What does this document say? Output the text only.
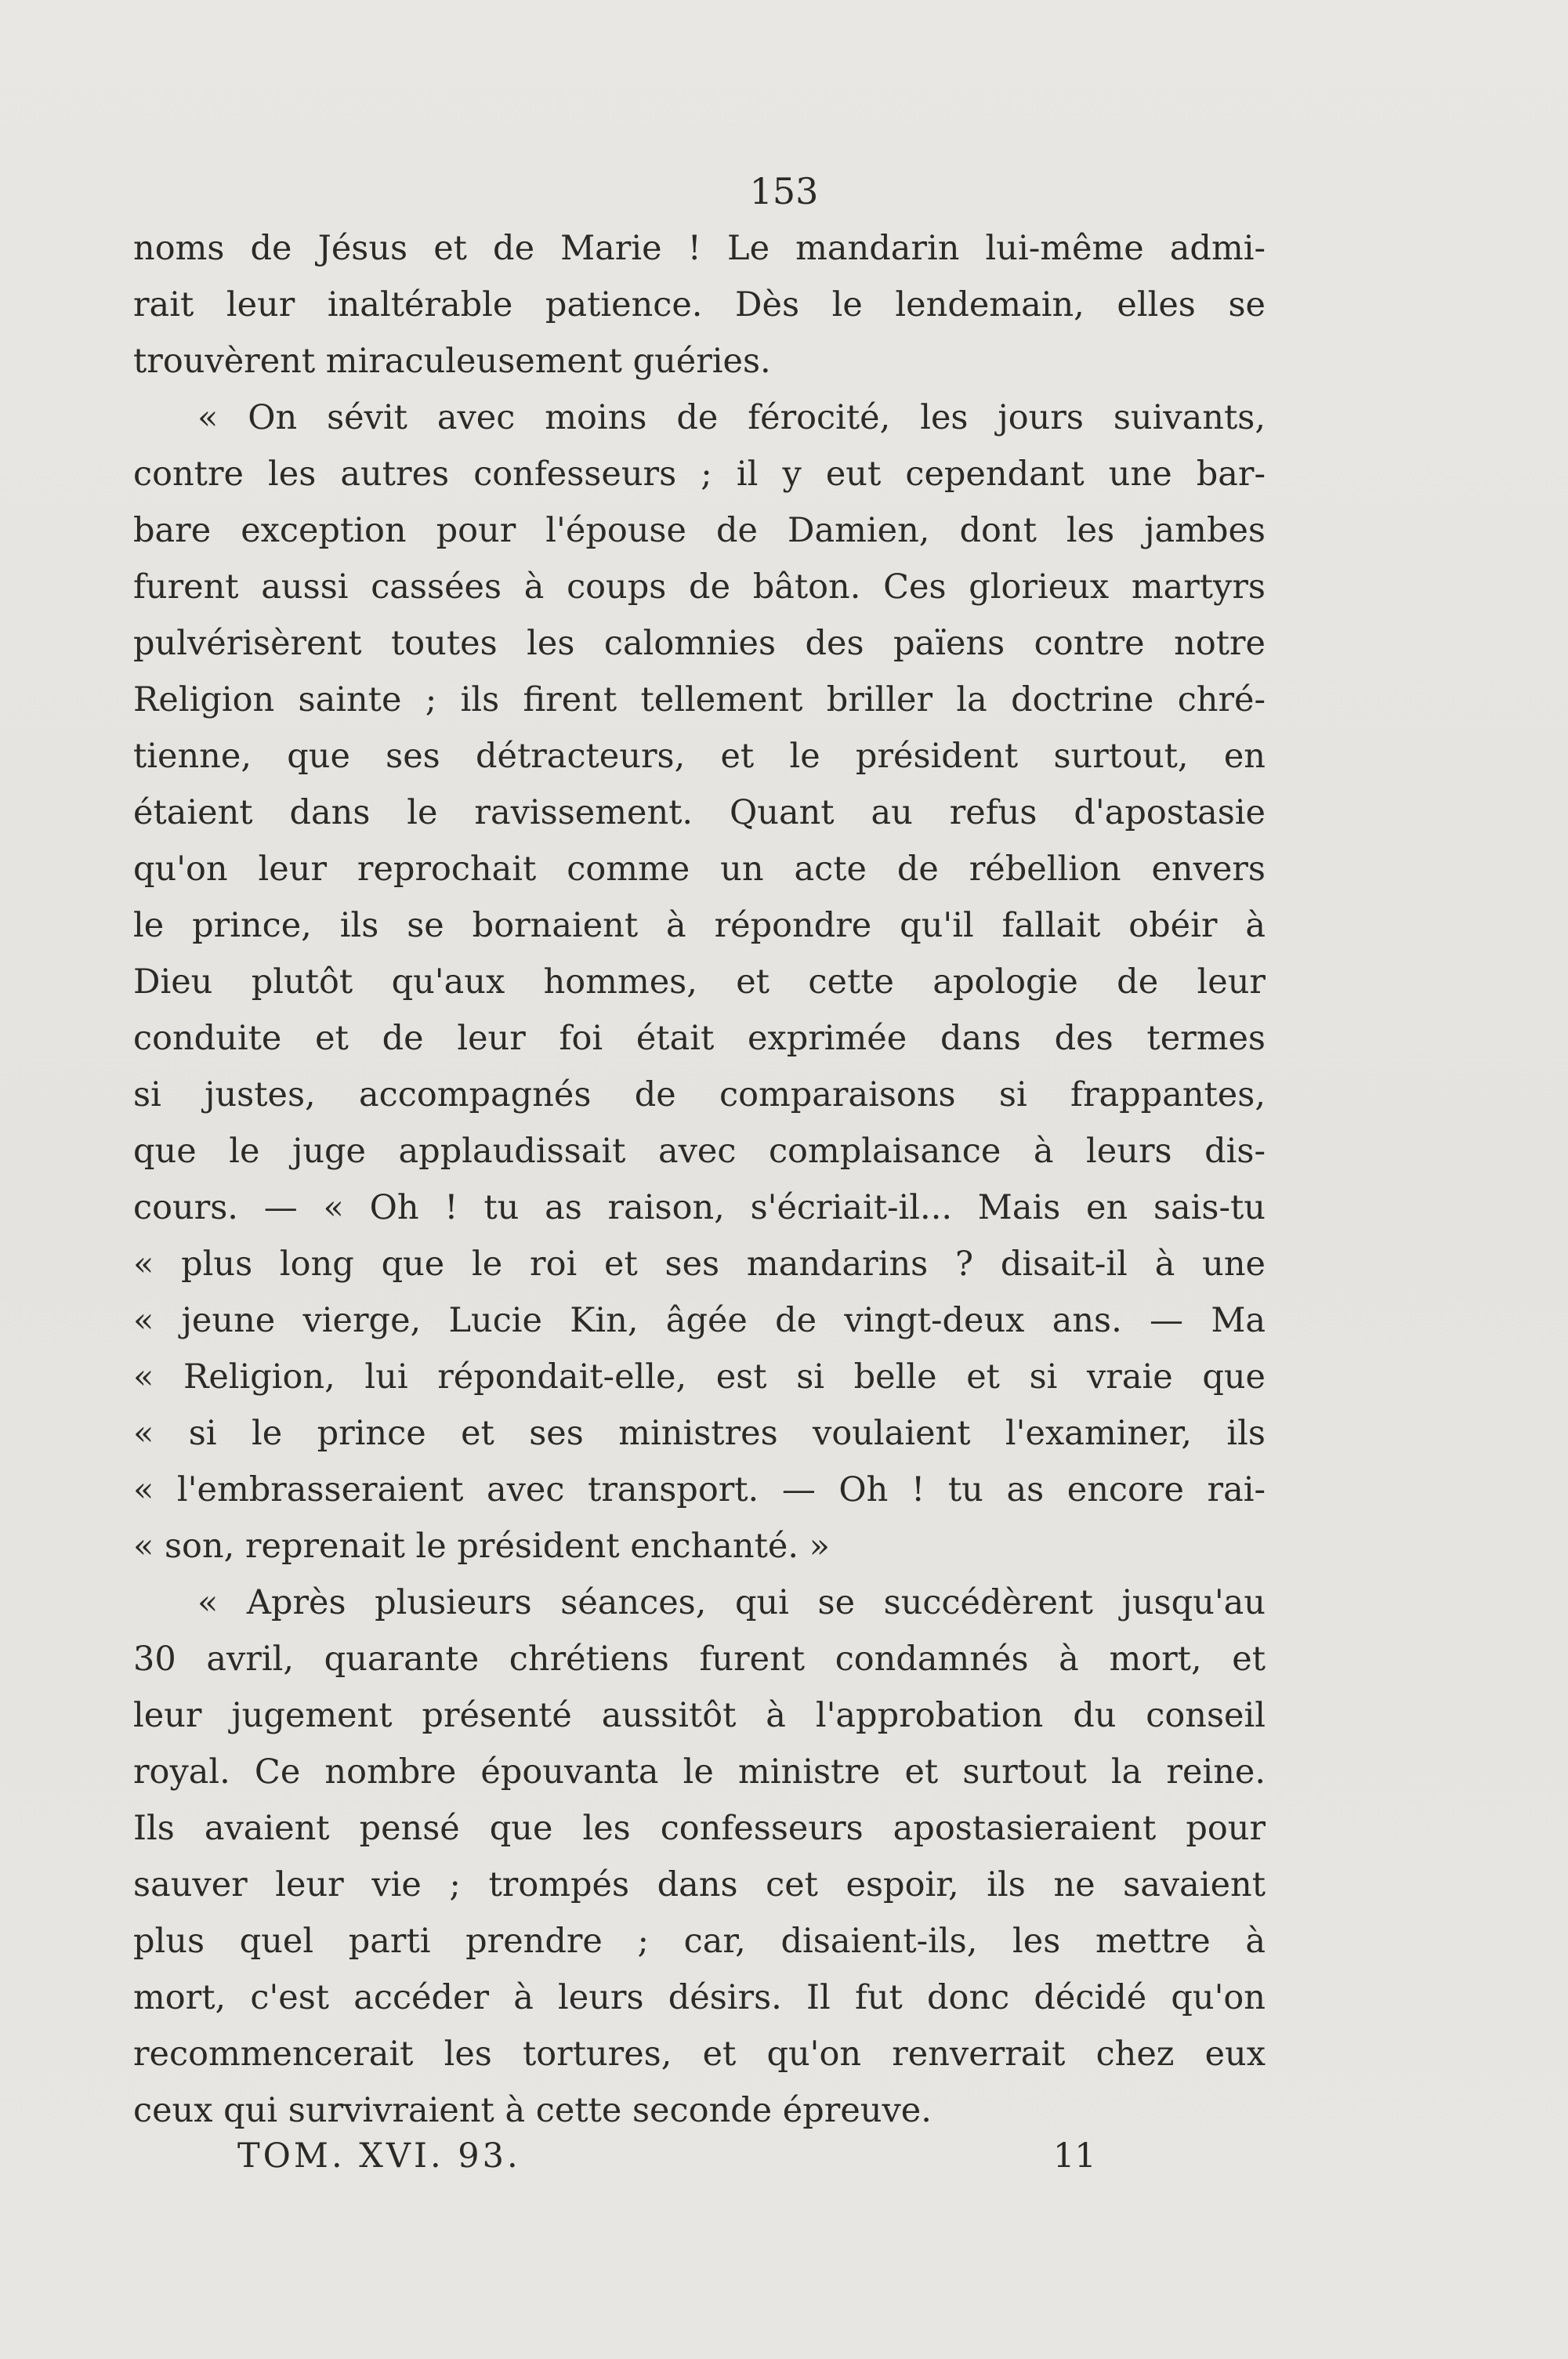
153
noms de Jésus et de Marie ! Le mandarin lui-même admi-
rait leur inaltérable patience. Dès le lendemain, elles se
trouvèrent miraculeusement guéries.
« On sévit avec moins de férocité, les jours suivants,
contre les autres confesseurs ; il y eut cependant une bar-
bare exception pour l'épouse de Damien, dont les jambes
furent aussi cassées à coups de bâton. Ces glorieux martyrs
pulvérisèrent toutes les calomnies des païens contre notre
Religion sainte ; ils firent tellement briller la doctrine chré-
tienne, que ses détracteurs, et le président surtout, en
étaient dans le ravissement. Quant au refus d'apostasie
qu'on leur reprochait comme un acte de rébellion envers
le prince, ils se bornaient à répondre qu'il fallait obéir à
Dieu plutôt qu'aux hommes, et cette apologie de leur
conduite et de leur foi était exprimée dans des termes
si justes, accompagnés de comparaisons si frappantes,
que le juge applaudissait avec complaisance à leurs dis-
cours. — « Oh ! tu as raison, s'écriait-il... Mais en sais-tu
« plus long que le roi et ses mandarins ? disait-il à une
« jeune vierge, Lucie Kin, âgée de vingt-deux ans. — Ma
« Religion, lui répondait-elle, est si belle et si vraie que
« si le prince et ses ministres voulaient l'examiner, ils
« l'embrasseraient avec transport. — Oh ! tu as encore rai-
« son, reprenait le président enchanté. »
« Après plusieurs séances, qui se succédèrent jusqu'au
30 avril, quarante chrétiens furent condamnés à mort, et
leur jugement présenté aussitôt à l'approbation du conseil
royal. Ce nombre épouvanta le ministre et surtout la reine.
Ils avaient pensé que les confesseurs apostasieraient pour
sauver leur vie ; trompés dans cet espoir, ils ne savaient
plus quel parti prendre ; car, disaient-ils, les mettre à
mort, c'est accéder à leurs désirs. Il fut donc décidé qu'on
recommencerait les tortures, et qu'on renverrait chez eux
ceux qui survivraient à cette seconde épreuve.
TOM. XVI. 93.	11
